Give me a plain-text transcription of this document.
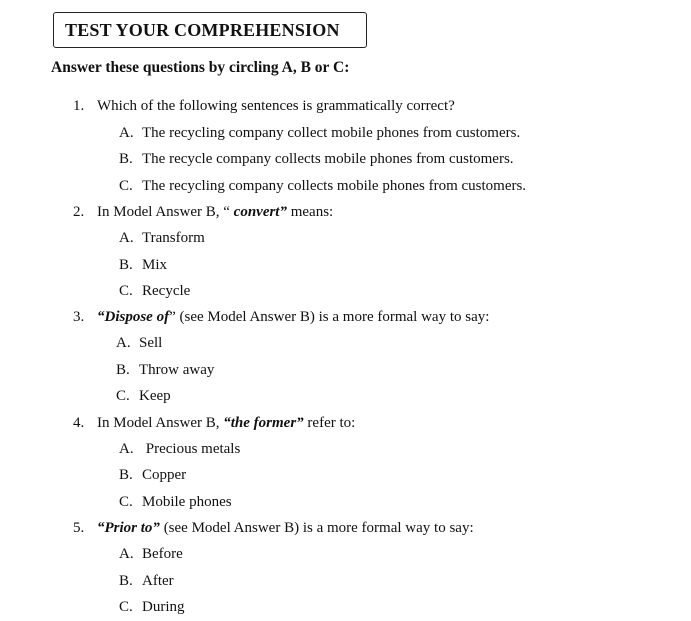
TEST YOUR COMPREHENSION
Answer these questions by circling A, B or C:
1. Which of the following sentences is grammatically correct?
A. The recycling company collect mobile phones from customers.
B. The recycle company collects mobile phones from customers.
C. The recycling company collects mobile phones from customers.
2. In Model Answer B, “ convert” means:
A. Transform
B. Mix
C. Recycle
3. “Dispose of” (see Model Answer B) is a more formal way to say:
A. Sell
B. Throw away
C. Keep
4. In Model Answer B, “the former” refer to:
A. Precious metals
B. Copper
C. Mobile phones
5. “Prior to” (see Model Answer B) is a more formal way to say:
A. Before
B. After
C. During
